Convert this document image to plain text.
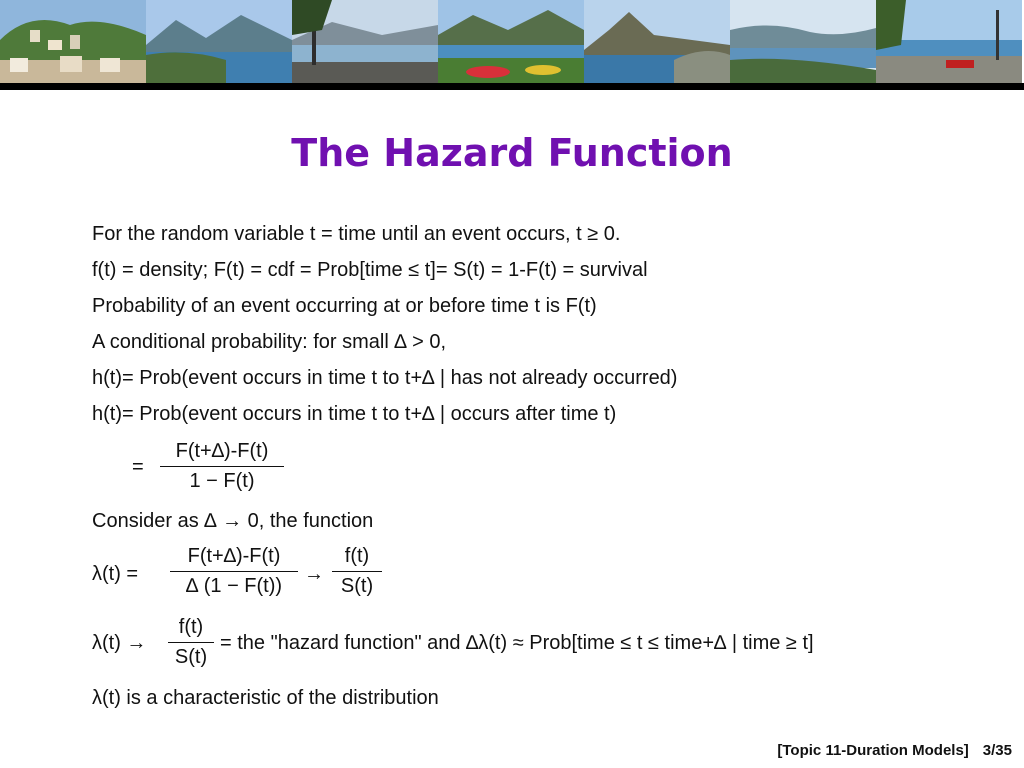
The Hazard Function
For the random variable t = time until an event occurs, t ≥ 0.
f(t) = density; F(t) = cdf = Prob[time ≤ t]= S(t) = 1-F(t) = survival
Probability of an event occurring at or before time t is F(t)
A conditional probability: for small ∆ > 0,
h(t)= Prob(event occurs in time t to t+∆ | has not already occurred)
h(t)= Prob(event occurs in time t to t+∆ | occurs after time t)
= $\frac{F(t+\Delta)-F(t)}{1 - F(t)}$
Consider as ∆ → 0, the function
$\lambda(t) = \frac{F(t+\Delta)-F(t)}{\Delta (1 - F(t))} \to \frac{f(t)}{S(t)}$
$\lambda(t) \to \frac{f(t)}{S(t)}$ = the "hazard function" and ∆λ(t) ≈ Prob[time ≤ t ≤ time+∆ | time ≥ t]
λ(t) is a characteristic of the distribution
[Topic 11-Duration Models] 3/35
